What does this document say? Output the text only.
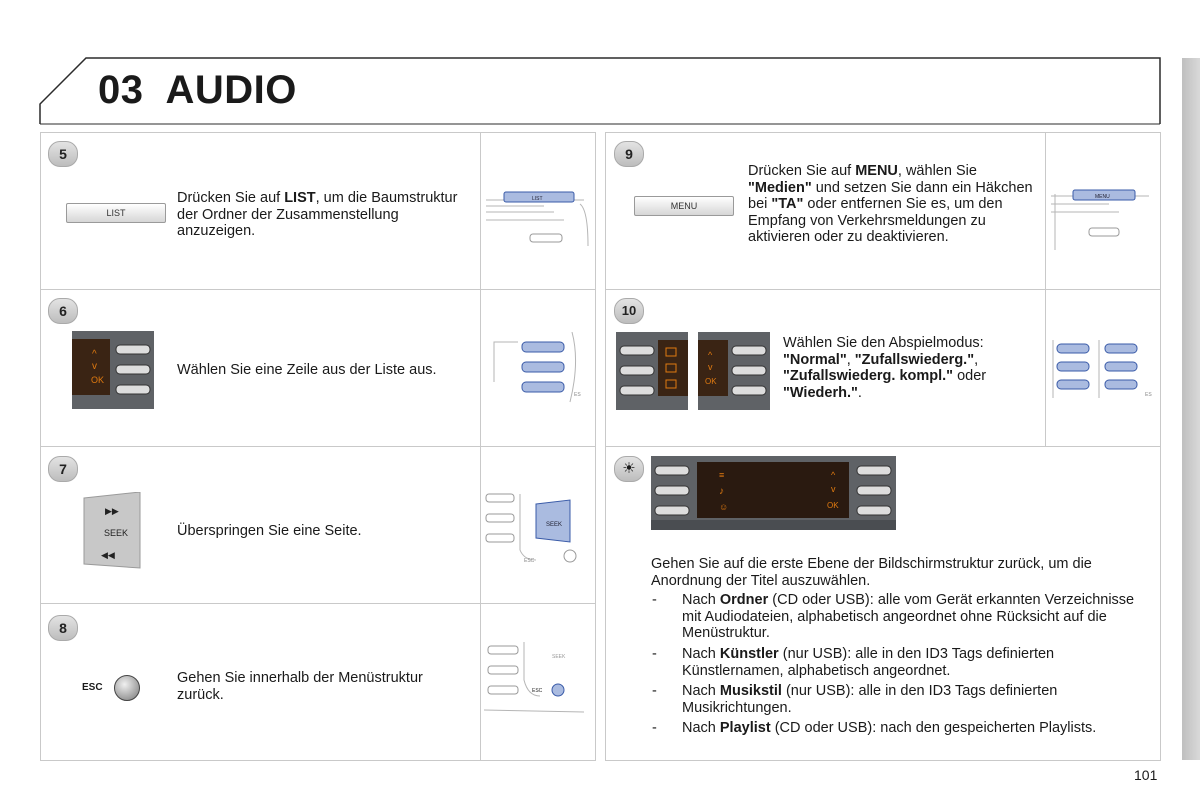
03 AUDIO
5
LIST
Drücken Sie auf LIST, um die Baumstruktur der Ordner der Zusammenstellung anzuzeigen.
LIST
6
^
v
OK
Wählen Sie eine Zeile aus der Liste aus.
ES
7
▶▶
SEEK
◀◀
Überspringen Sie eine Seite.	SEEK
ESC
8
ESC
Gehen Sie innerhalb der Menüstruktur zurück.
SEEK
ESC
9
MENU
Drücken Sie auf MENU, wählen Sie "Medien" und setzen Sie dann ein Häkchen bei "TA" oder entfernen Sie es, um den Empfang von Verkehrsmeldungen zu aktivieren oder zu deaktivieren.
MENU
10
^
v
OK
Wählen Sie den Abspielmodus: "Normal", "Zufallswiederg.", "Zufallswiederg. kompl." oder "Wiederh.".	ES
☀	≡
♪
☺
^
v
OK
Gehen Sie auf die erste Ebene der Bildschirmstruktur zurück, um die Anordnung der Titel auszuwählen.
- Nach Ordner (CD oder USB): alle vom Gerät erkannten Verzeichnisse mit Audiodateien, alphabetisch angeordnet ohne Rücksicht auf die Menüstruktur.
- Nach Künstler (nur USB): alle in den ID3 Tags definierten Künstlernamen, alphabetisch angeordnet.
- Nach Musikstil (nur USB): alle in den ID3 Tags definierten Musikrichtungen.
- Nach Playlist (CD oder USB): nach den gespeicherten Playlists.
101
